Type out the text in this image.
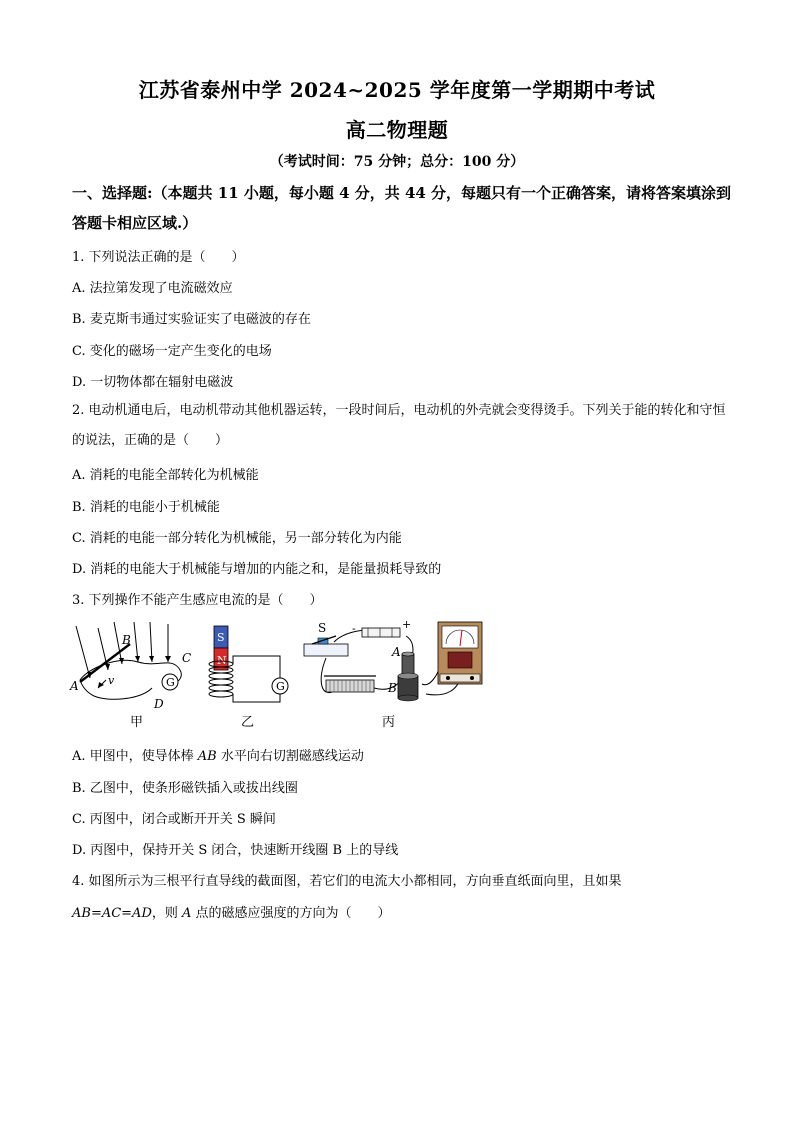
江苏省泰州中学 2024~2025 学年度第一学期期中考试
高二物理题
（考试时间：75 分钟；总分：100 分）
一、选择题:（本题共 11 小题，每小题 4 分，共 44 分，每题只有一个正确答案，请将答案填涂到答题卡相应区域.）
1. 下列说法正确的是（　　）
A. 法拉第发现了电流磁效应
B. 麦克斯韦通过实验证实了电磁波的存在
C. 变化的磁场一定产生变化的电场
D. 一切物体都在辐射电磁波
2. 电动机通电后，电动机带动其他机器运转，一段时间后，电动机的外壳就会变得烫手。下列关于能的转化和守恒的说法，正确的是（　　）
A. 消耗的电能全部转化为机械能
B. 消耗的电能小于机械能
C. 消耗的电能一部分转化为机械能，另一部分转化为内能
D. 消耗的电能大于机械能与增加的内能之和，是能量损耗导致的
3. 下列操作不能产生感应电流的是（　　）
G
A
B
C
D
v
甲
S
N
G
乙
S -	+
A
B
丙
A. 甲图中，使导体棒 AB 水平向右切割磁感线运动
B. 乙图中，使条形磁铁插入或拔出线圈
C. 丙图中，闭合或断开开关 S 瞬间
D. 丙图中，保持开关 S 闭合，快速断开线圈 B 上的导线
4. 如图所示为三根平行直导线的截面图，若它们的电流大小都相同，方向垂直纸面向里，且如果
AB=AC=AD，则 A 点的磁感应强度的方向为（　　）
